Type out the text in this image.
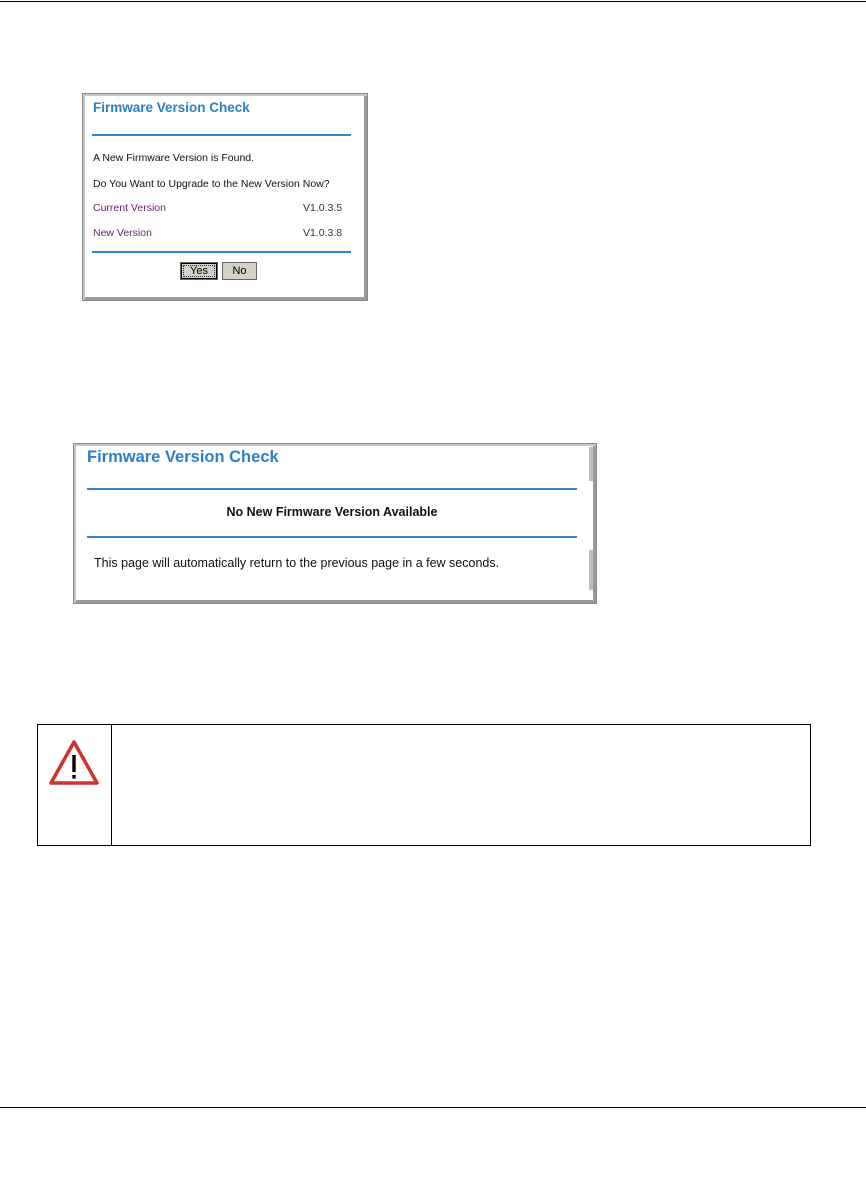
Firmware Version Check
A New Firmware Version is Found.
Do You Want to Upgrade to the New Version Now?
Current Version	V1.0.3.5
New Version	V1.0.3.8
Yes	No
Firmware Version Check
No New Firmware Version Available
This page will automatically return to the previous page in a few seconds.
